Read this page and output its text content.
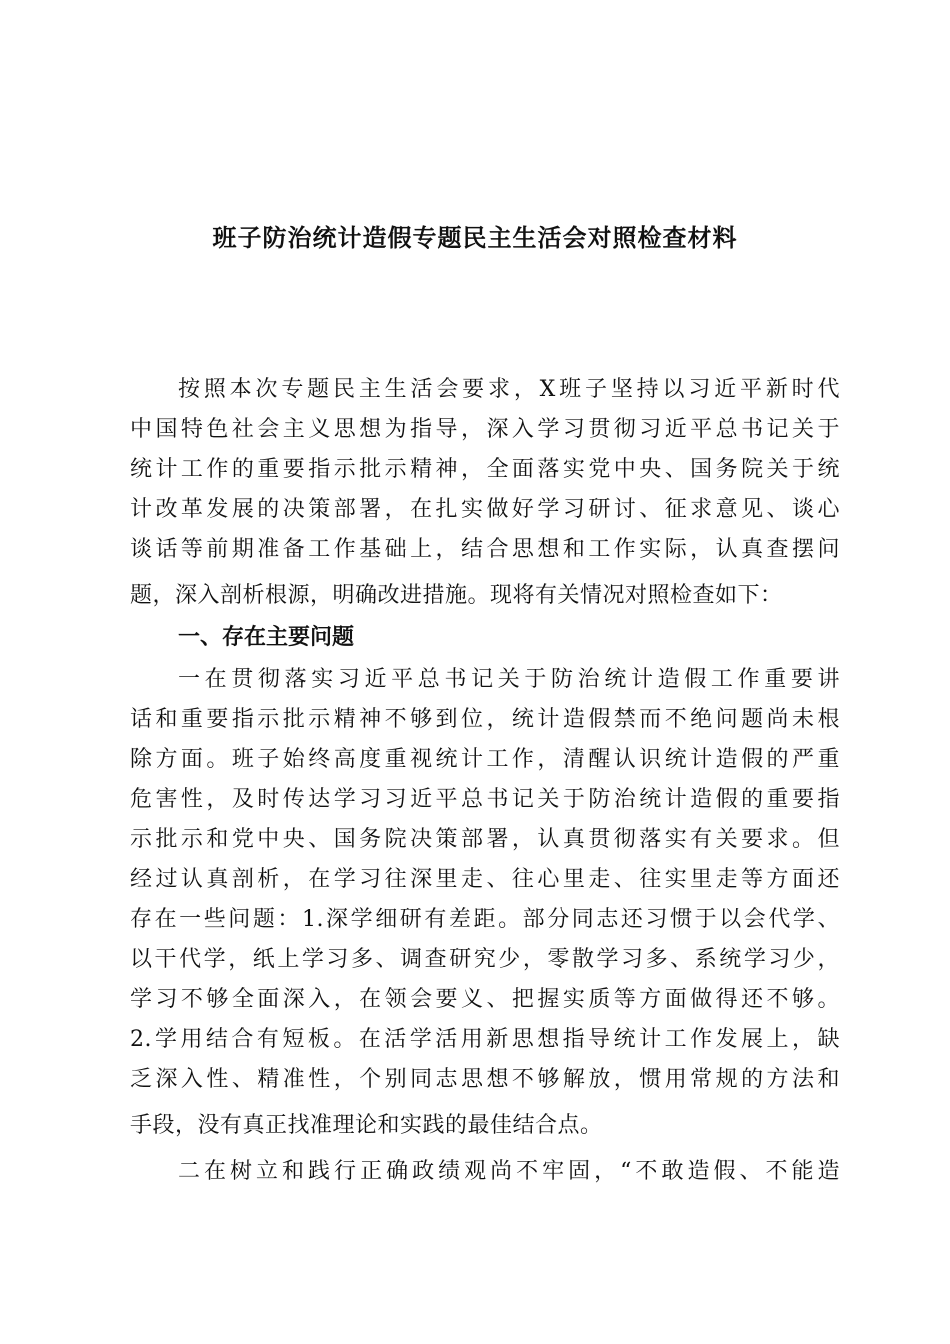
班子防治统计造假专题民主生活会对照检查材料
按照本次专题民主生活会要求，X班子坚持以习近平新时代
中国特色社会主义思想为指导，深入学习贯彻习近平总书记关于
统计工作的重要指示批示精神，全面落实党中央、国务院关于统
计改革发展的决策部署，在扎实做好学习研讨、征求意见、谈心
谈话等前期准备工作基础上，结合思想和工作实际，认真查摆问
题，深入剖析根源，明确改进措施。现将有关情况对照检查如下：
一、存在主要问题
一在贯彻落实习近平总书记关于防治统计造假工作重要讲
话和重要指示批示精神不够到位，统计造假禁而不绝问题尚未根
除方面。班子始终高度重视统计工作，清醒认识统计造假的严重
危害性，及时传达学习习近平总书记关于防治统计造假的重要指
示批示和党中央、国务院决策部署，认真贯彻落实有关要求。但
经过认真剖析，在学习往深里走、往心里走、往实里走等方面还
存在一些问题：1.深学细研有差距。部分同志还习惯于以会代学、
以干代学，纸上学习多、调查研究少，零散学习多、系统学习少，
学习不够全面深入，在领会要义、把握实质等方面做得还不够。
2.学用结合有短板。在活学活用新思想指导统计工作发展上，缺
乏深入性、精准性，个别同志思想不够解放，惯用常规的方法和
手段，没有真正找准理论和实践的最佳结合点。
二在树立和践行正确政绩观尚不牢固，“不敢造假、不能造
